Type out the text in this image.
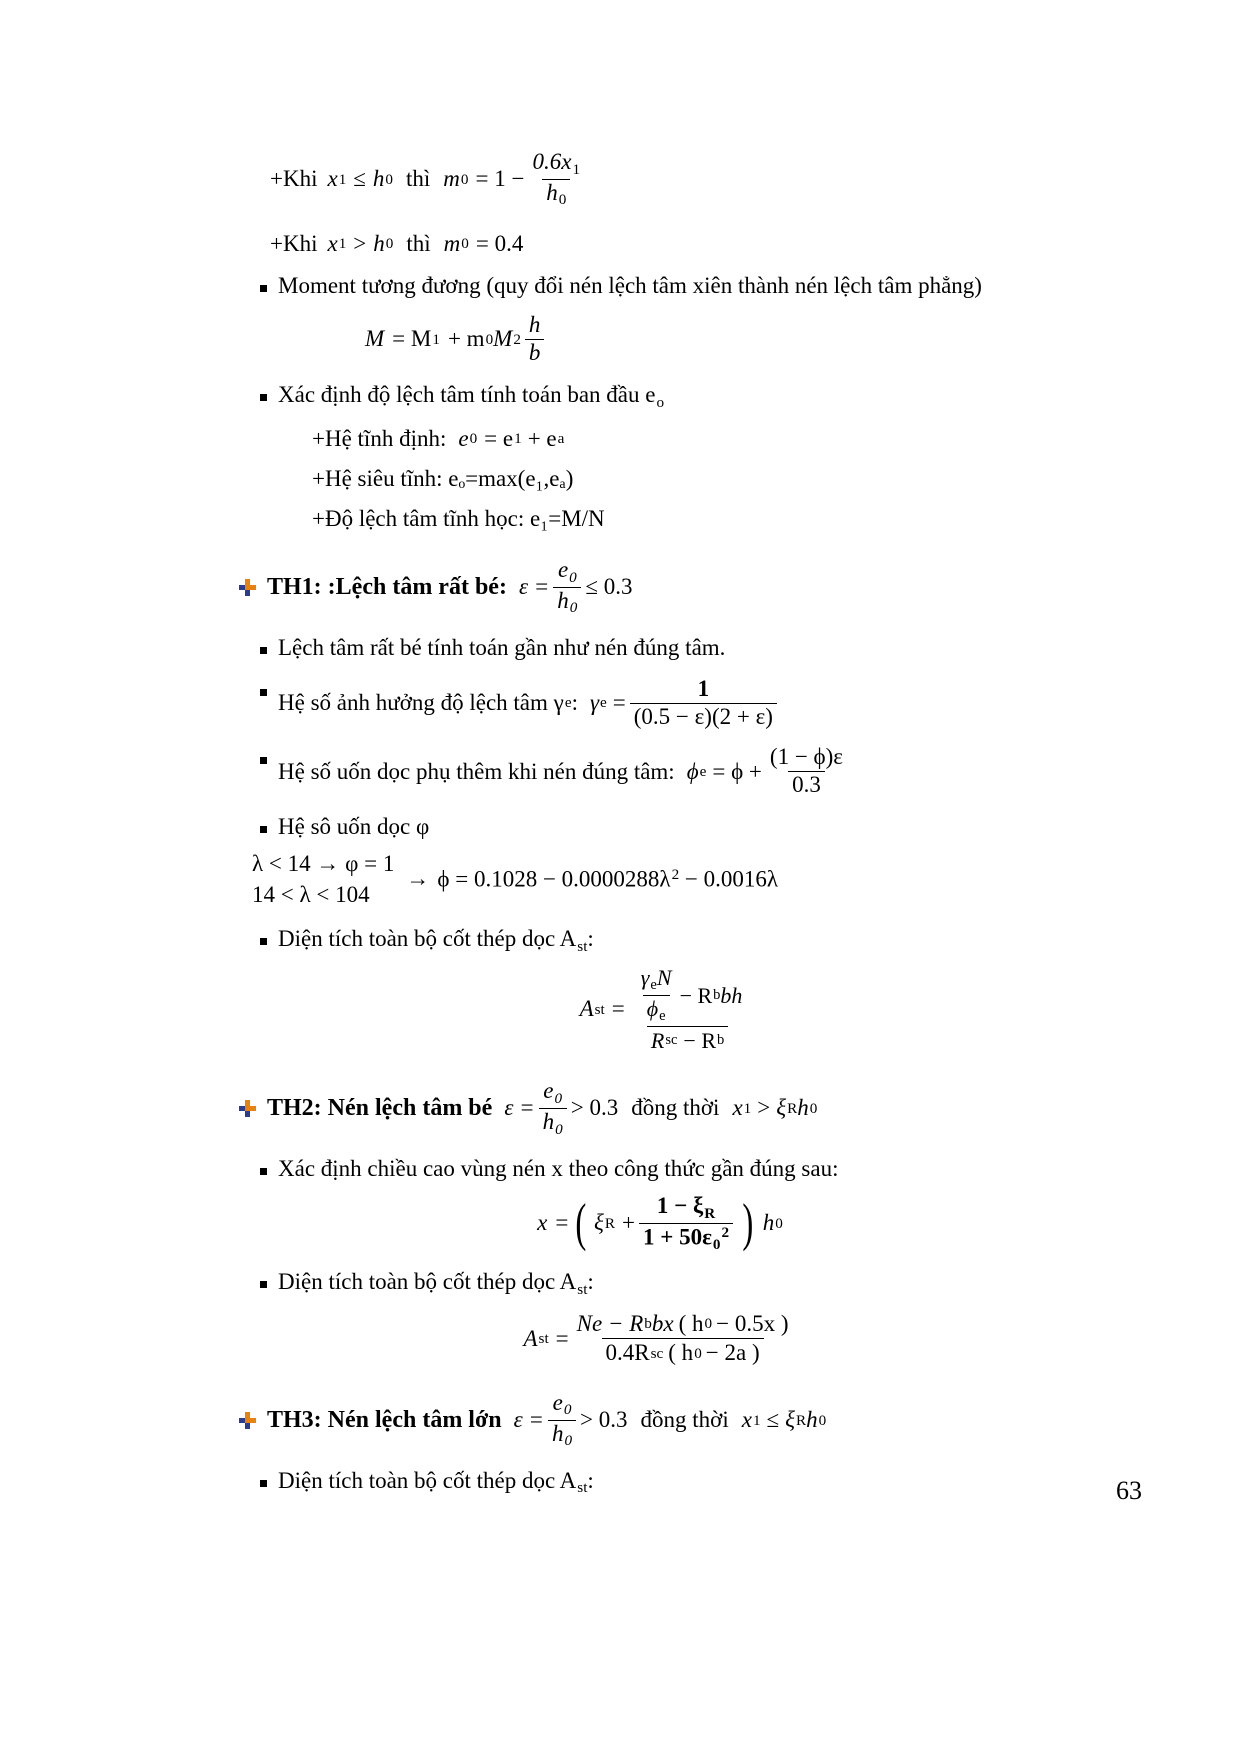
+Khi x 1 ≤ h 0 thì m $0 = 1 - \frac{0.6x_1}{h_0}$
+Khi x 1 > h 0 thì m 0 = 0.4
Moment tương đương (quy đổi nén lệch tâm xiên thành nén lệch tâm phẳng)
M = M 1 + m 0 M $2 \frac{h}{b}$
Xác định độ lệch tâm tính toán ban đầu $e_o$
+Hệ tĩnh định: e 0 = e 1 + e a
+Hệ siêu tĩnh: eₒ=max(e₁,eₐ)
+Độ lệch tâm tĩnh học: e₁=M/N
TH1: :Lệch tâm rất bé: $\varepsilon = \frac{e_0}{h_0} \le 0.3$
Lệch tâm rất bé tính toán gần như nén đúng tâm.
Hệ số ảnh hưởng độ lệch tâm γ e : γ $e = \frac{1}{(0.5 - \varepsilon)(2 + \varepsilon)}$
Hệ số uốn dọc phụ thêm khi nén đúng tâm: ϕ $e = \phi + \frac{(1 - \phi)\varepsilon}{0.3}$
Hệ sô uốn dọc φ
λ < 14 → φ = 1
14 < λ < 104
→ $\phi = 0.1028 - 0.0000288\lambda^2 - 0.0016\lambda$
Diện tích toàn bộ cốt thép dọc $A_{st}$:
A st = $\frac{\frac{\gamma_eN}{\phi_e} - R b bh}{\text{R sc − R b}}$
TH2: Nén lệch tâm bé $\varepsilon = \frac{e_0}{h_0} > 0.3$ đồng thời x 1 > ξ R h 0
Xác định chiều cao vùng nén x theo công thức gần đúng sau:
x = ( ξ $R + \frac{1 - \xi_R}{1 + 50\varepsilon_0^2}$ ) h 0
Diện tích toàn bộ cốt thép dọc $A_{st}$:
A st =
Ne − R b bx ( h 0 − 0.5x )
0.4R sc ( h 0 − 2a )
TH3: Nén lệch tâm lớn $\varepsilon = \frac{e_0}{h_0} > 0.3$ đồng thời x 1 ≤ ξ R h 0
Diện tích toàn bộ cốt thép dọc $A_{st}$:	63
